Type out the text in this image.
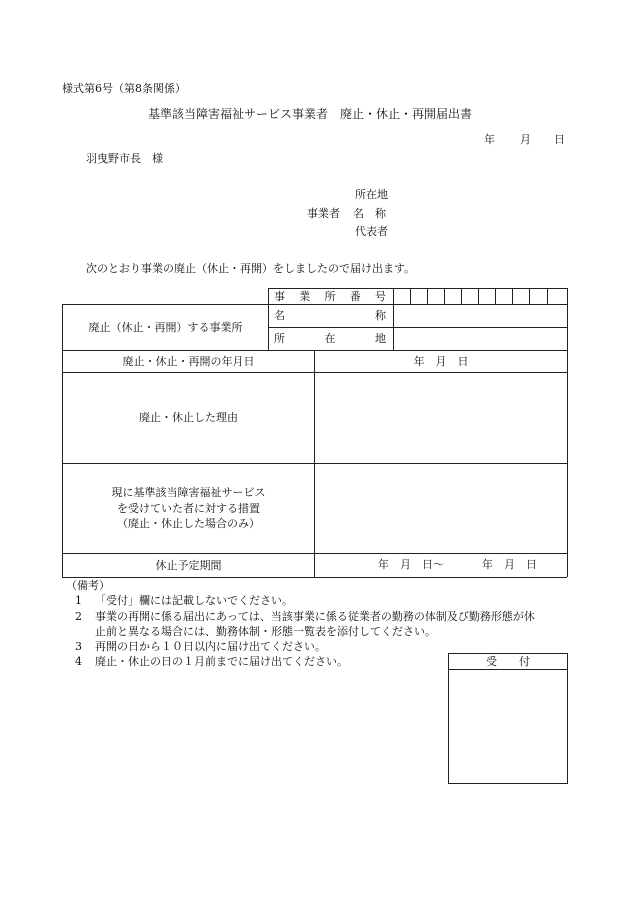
様式第6号（第8条関係）
基準該当障害福祉サービス事業者　廃止・休止・再開届出書
年 月 日
羽曳野市長　様
所在地
事業者 名　称
代表者
次のとおり事業の廃止（休止・再開）をしましたので届け出ます。
事 業 所 番 号
廃止（休止・再開）する事業所
名	称
所	在	地
廃止・休止・再開の年月日	年　月　日
廃止・休止した理由
現に基準該当障害福祉サービス
を受けていた者に対する措置
（廃止・休止した場合のみ）
休止予定期間	年　月　日～	年　月　日
（備考）
1 「受付」欄には記載しないでください。
2 事業の再開に係る届出にあっては、当該事業に係る従業者の勤務の体制及び勤務形態が休
止前と異なる場合には、勤務体制・形態一覧表を添付してください。
3 再開の日から１０日以内に届け出てください。
4 廃止・休止の日の１月前までに届け出てください。	受　　付
